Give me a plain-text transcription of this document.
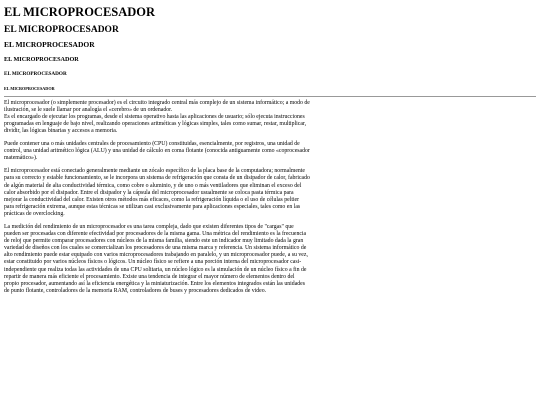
EL MICROPROCESADOR
EL MICROPROCESADOR
EL MICROPROCESADOR
EL MICROPROCESADOR
EL MICROPROCESADOR
EL MICROPROCESADOR

El microprocesador (o simplemente procesador) es el circuito integrado central más complejo de un sistema informático; a modo de
ilustración, se le suele llamar por analogía el «cerebro» de un ordenador.
Es el encargado de ejecutar los programas, desde el sistema operativo hasta las aplicaciones de usuario; sólo ejecuta instrucciones
programadas en lenguaje de bajo nivel, realizando operaciones aritméticas y lógicas simples, tales como sumar, restar, multiplicar,
dividir, las lógicas binarias y accesos a memoria.

Puede contener una o más unidades centrales de procesamiento (CPU) constituidas, esencialmente, por registros, una unidad de
control, una unidad aritmético lógica (ALU) y una unidad de cálculo en coma flotante (conocida antiguamente como «coprocesador
matemático»).

El microprocesador está conectado generalmente mediante un zócalo específico de la placa base de la computadora; normalmente
para su correcto y estable funcionamiento, se le incorpora un sistema de refrigeración que consta de un disipador de calor, fabricado
de algún material de alta conductividad térmica, como cobre o aluminio, y de uno o más ventiladores que eliminan el exceso del
calor absorbido por el disipador. Entre el disipador y la cápsula del microprocesador usualmente se coloca pasta térmica para
mejorar la conductividad del calor. Existen otros métodos más eficaces, como la refrigeración líquida o el uso de células peltier
para refrigeración extrema, aunque estas técnicas se utilizan casi exclusivamente para aplicaciones especiales, tales como en las
prácticas de overclocking.

La medición del rendimiento de un microprocesador es una tarea compleja, dado que existen diferentes tipos de "cargas" que
pueden ser procesadas con diferente efectividad por procesadores de la misma gama. Una métrica del rendimiento es la frecuencia
de reloj que permite comparar procesadores con núcleos de la misma familia, siendo este un indicador muy limitado dada la gran
variedad de diseños con los cuales se comercializan los procesadores de una misma marca y referencia. Un sistema informático de
alto rendimiento puede estar equipado con varios microprocesadores trabajando en paralelo, y un microprocesador puede, a su vez,
estar constituido por varios núcleos físicos o lógicos. Un núcleo físico se refiere a una porción interna del microprocesador casi-
independiente que realiza todas las actividades de una CPU solitaria, un núcleo lógico es la simulación de un núcleo físico a fin de
repartir de manera más eficiente el procesamiento. Existe una tendencia de integrar el mayor número de elementos dentro del
propio procesador, aumentando así la eficiencia energética y la miniaturización. Entre los elementos integrados están las unidades
de punto flotante, controladores de la memoria RAM, controladores de buses y procesadores dedicados de video.
